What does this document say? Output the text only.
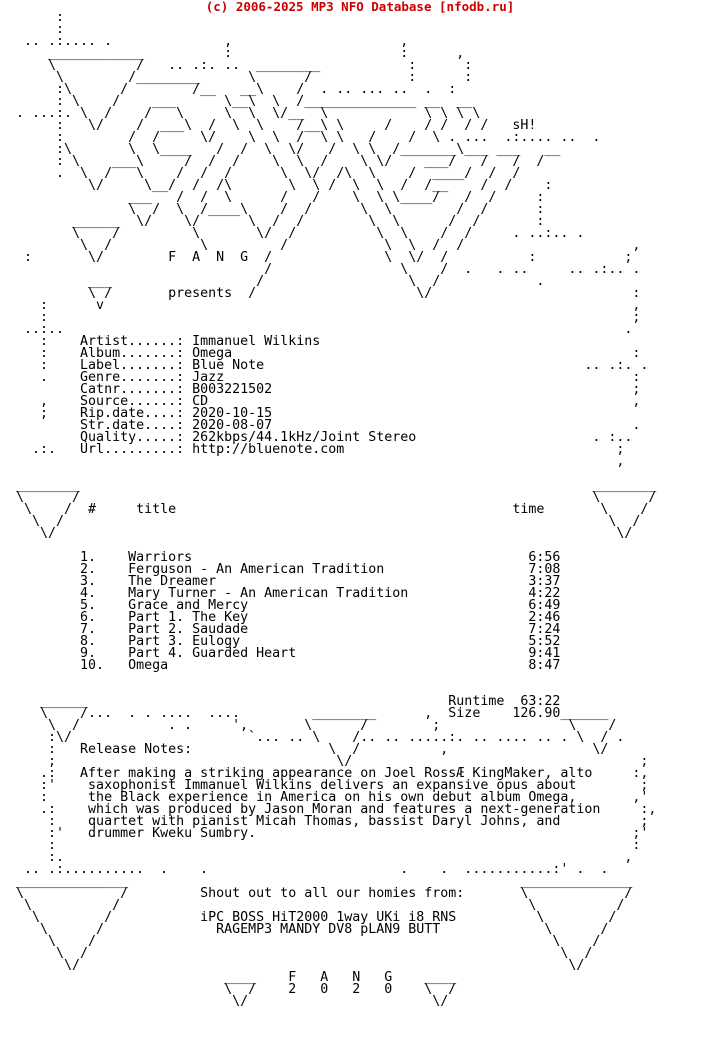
(c) 2006-2025 MP3 NFO Database [nfodb.ru]
:
:
.. .:.... .              ,                     ,
____________          :                     :      ,
\          /   .. .:. ..  ________           :      :
\        /________      \      /            :      :
:\      /        /__   __\    /  . .. ... ..  .  :
: \    /    ___      \__\  \  /______________ __  __
. ...:. \  /    /   \     \  \  \/__  \            \ \ \ \
:   \/    /  ___\  /  \  \    /__\ \     /    / /  / /   sH!
:        /  /     \/    \  \  /  \ \   /    /  \ . ...  .:.... ..  .
:\       \  \____   /  /  \  \/   /  \ \  /_______\___ ___   __
: \    ___\     /  /  /    \  \  /    \ \/    ___/   /   /  /
.  \  /   \    /  /  /      \  \/  /\  \    /  ____/  /  /
\/     \__/  /  /\       \  \ /  \  \  /  /__    /  /    :
___   /  /  \      /   /    \  \ \____/   /  /     :
\  /  \  /____\    /  /      \  \        /  /      :
______  \/    \/      \  /  /        \  \      /  /       :
\    /         \       \/  /          \  \    /  /     . ..:.. .
\  /           \         /            \  \  /  /                     ,
:       \/        F  A  N  G  /              \  \/  /          :           ;
/                \    /  .   . ..     .. .:.. .
___                  /                  \  /            .
\ /       presents  /                    \/                         :
:      v                                                                  ,
:                                                                         ;
..:..                                                                      .
:    Artist......: Immanuel Wilkins
:    Album.......: Omega                                                  :
:    Label.......: Blue Note                                        .. .:. .
.    Genre.......: Jazz                                                   :
Catnr.......: B003221502                                             ;
,    Source......: CD                                                     ,
;    Rip.date....: 2020-10-15
Str.date....: 2020-08-07                                             .
Quality.....: 262kbps/44.1kHz/Joint Stereo                      . :..
.:.   Url.........: http://bluenote.com                                  ;
,

________                                                                ________
\      /                                                                \      /
\    /  #     title                                          time       \    /
\  /                                                                    \  /
\/                                                                      \/

1.    Warriors                                          6:56
2.    Ferguson - An American Tradition                  7:08
3.    The Dreamer                                       3:37
4.    Mary Turner - An American Tradition               4:22
5.    Grace and Mercy                                   6:49
6.    Part 1. The Key                                   2:46
7.    Part 2. Saudade                                   7:24
8.    Part 3. Eulogy                                    5:52
9.    Part 4. Guarded Heart                             9:41
10.   Omega                                             8:47

______                                             Runtime  63:22
\    /...  . . ....  ....         ________      ,  Size    126.90______
\  /           . .     ',       \      /        ;                \    /
:\/                      `... .. \    /.. .. .....:. .. .... .. . \  / .
:   Release Notes:                 \  /          ,                  \/
;                                   \/                                    ;
.:   After making a striking appearance on Joel RossÆ KingMaker, alto     :,
:'    saxophonist Immanuel Wilkins delivers an expansive opus about        ;
:     the Black experience in America on his own debut album Omega,       ,'
.:    which was produced by Jason Moran and features a next-generation     :,
:    quartet with pianist Micah Thomas, bassist Daryl Johns, and          ;
:'   drummer Kweku Sumbry.                                               ;'
:                                                                        :
:.                                                                      ,
.. .:..........  .    .                        .    .  ...........:' .  .
______________                                                 ______________
\            /         Shout out to all our homies from:       \            /
\          /                                                   \          /
\        /           iPC BOSS HiT2000 1way UKi i8 RNS          \        /
\      /              RAGEMP3 MANDY DV8 pLAN9 BUTT             \      /
\    /                                                         \    /
\  /                                                           \  /
\/                                                             \/
____    F   A   N   G    ____
\  /    2   0   2   0    \  /
\/                       \/
